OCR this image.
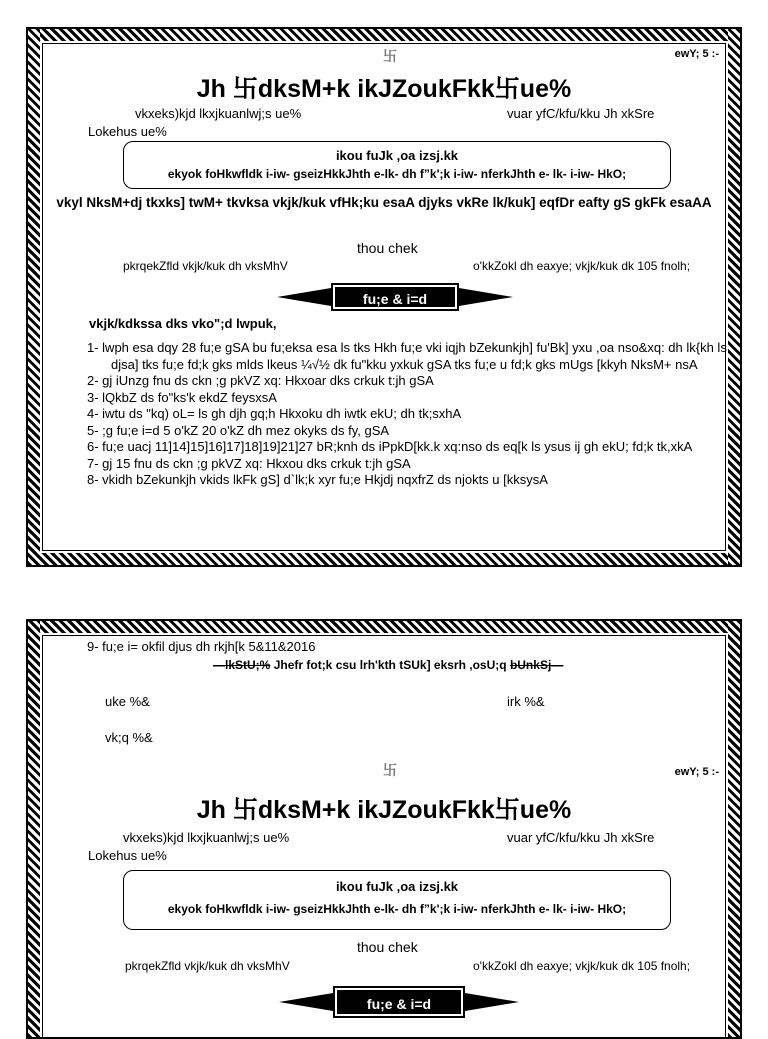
卐	ewY; 5 :-
Jh 卐dksM+k ikJZoukFkk卐ue%
vkxeks)kjd lkxjkuanlwj;s ue%	vuar yfC/kfu/kku Jh xkSre
Lokehus ue%
ikou fuJk ,oa izsj.kk
ekyok foHkwfldk i-iw- gseizHkkJhth e-lk- dh f”k';k i-iw- nferkJhth e- lk- i-iw- HkO;
vkyl NksM+dj tkxks] twM+ tkvksa vkjk/kuk vfHk;ku esaA djyks vkRe lk/kuk] eqfDr eafty gS gkFk esaAA
thou chek
pkrqekZfld vkjk/kuk dh vksMhV	o'kkZokl dh eaxye; vkjk/kuk dk 105 fnolh;
fu;e & i=d
vkjk/kdkssa dks vko";d lwpuk,
1- lwph esa dqy 28 fu;e gSA bu fu;eksa esa ls tks Hkh fu;e vki iqjh bZekunkjh] fu'Bk] yxu ,oa nso&xq: dh lk{kh ls djsa] tks fu;e fd;k gks mlds lkeus ¼√½ dk fu"kku yxkuk gSA tks fu;e u fd;k gks mUgs [kkyh NksM+ nsA
2- gj iUnzg fnu ds ckn ;g pkVZ xq: Hkxoar dks crkuk t:jh gSA
3- lQkbZ ds fo"ks'k ekdZ feysxsA
4- iwtu ds "kq) oL= ls gh djh gq;h Hkxoku dh iwtk ekU; dh tk;sxhA
5- ;g fu;e i=d 5 o'kZ 20 o'kZ dh mez okyks ds fy, gSA
6- fu;e uacj 11]14]15]16]17]18]19]21]27 bR;knh ds iPpkD[kk.k xq:nso ds eq[k ls ysus ij gh ekU; fd;k tk,xkA
7- gj 15 fnu ds ckn ;g pkVZ xq: Hkxou dks crkuk t:jh gSA
8- vkidh bZekunkjh vkids lkFk gS] d`lk;k xyr fu;e Hkjdj nqxfrZ ds njokts u [kksysA
9- fu;e i= okfil djus dh rkjh[k 5&11&2016
—lkStU;% Jhefr fot;k csu lrh'kth tSUk] eksrh ,osU;q bUnkSj—
uke %&	irk %&
vk;q %&
卐	ewY; 5 :-
Jh 卐dksM+k ikJZoukFkk卐ue%
vkxeks)kjd lkxjkuanlwj;s ue%	vuar yfC/kfu/kku Jh xkSre
Lokehus ue%
ikou fuJk ,oa izsj.kk
ekyok foHkwfldk i-iw- gseizHkkJhth e-lk- dh f”k';k i-iw- nferkJhth e- lk- i-iw- HkO;
thou chek
pkrqekZfld vkjk/kuk dh vksMhV	o'kkZokl dh eaxye; vkjk/kuk dk 105 fnolh;
fu;e & i=d
